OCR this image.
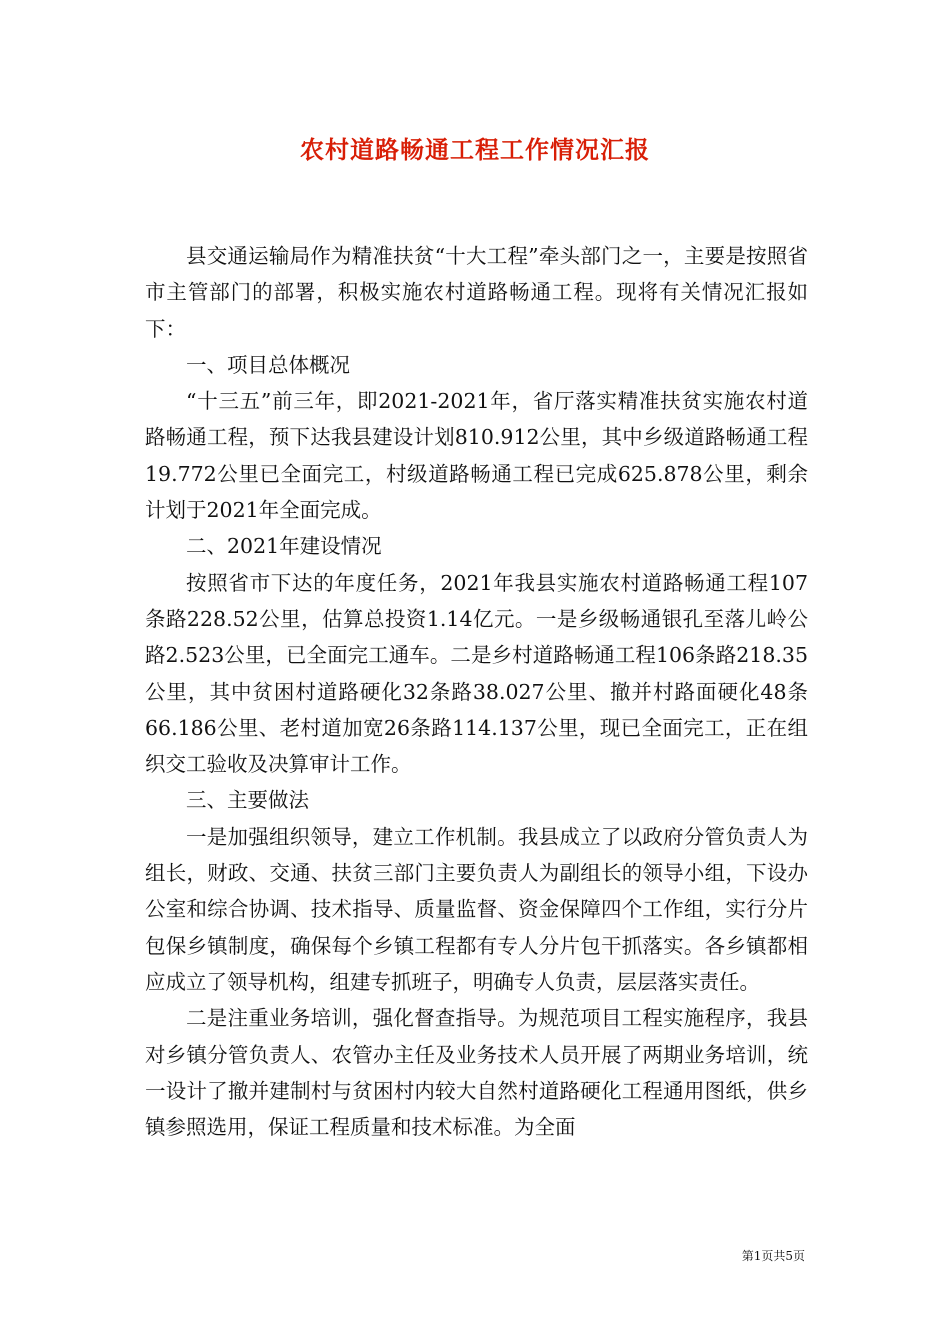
农村道路畅通工程工作情况汇报

县交通运输局作为精准扶贫“十大工程”牵头部门之一，主要是按照省市主管部门的部署，积极实施农村道路畅通工程。现将有关情况汇报如下：

一、项目总体概况

“十三五”前三年，即2021-2021年，省厅落实精准扶贫实施农村道路畅通工程，预下达我县建设计划810.912公里，其中乡级道路畅通工程19.772公里已全面完工，村级道路畅通工程已完成625.878公里，剩余计划于2021年全面完成。

二、2021年建设情况

按照省市下达的年度任务，2021年我县实施农村道路畅通工程107条路228.52公里，估算总投资1.14亿元。一是乡级畅通银孔至落儿岭公路2.523公里，已全面完工通车。二是乡村道路畅通工程106条路218.35公里，其中贫困村道路硬化32条路38.027公里、撤并村路面硬化48条66.186公里、老村道加宽26条路114.137公里，现已全面完工，正在组织交工验收及决算审计工作。

三、主要做法

一是加强组织领导，建立工作机制。我县成立了以政府分管负责人为组长，财政、交通、扶贫三部门主要负责人为副组长的领导小组，下设办公室和综合协调、技术指导、质量监督、资金保障四个工作组，实行分片包保乡镇制度，确保每个乡镇工程都有专人分片包干抓落实。各乡镇都相应成立了领导机构，组建专抓班子，明确专人负责，层层落实责任。

二是注重业务培训，强化督查指导。为规范项目工程实施程序，我县对乡镇分管负责人、农管办主任及业务技术人员开展了两期业务培训，统一设计了撤并建制村与贫困村内较大自然村道路硬化工程通用图纸，供乡镇参照选用，保证工程质量和技术标准。为全面

第1页共5页
